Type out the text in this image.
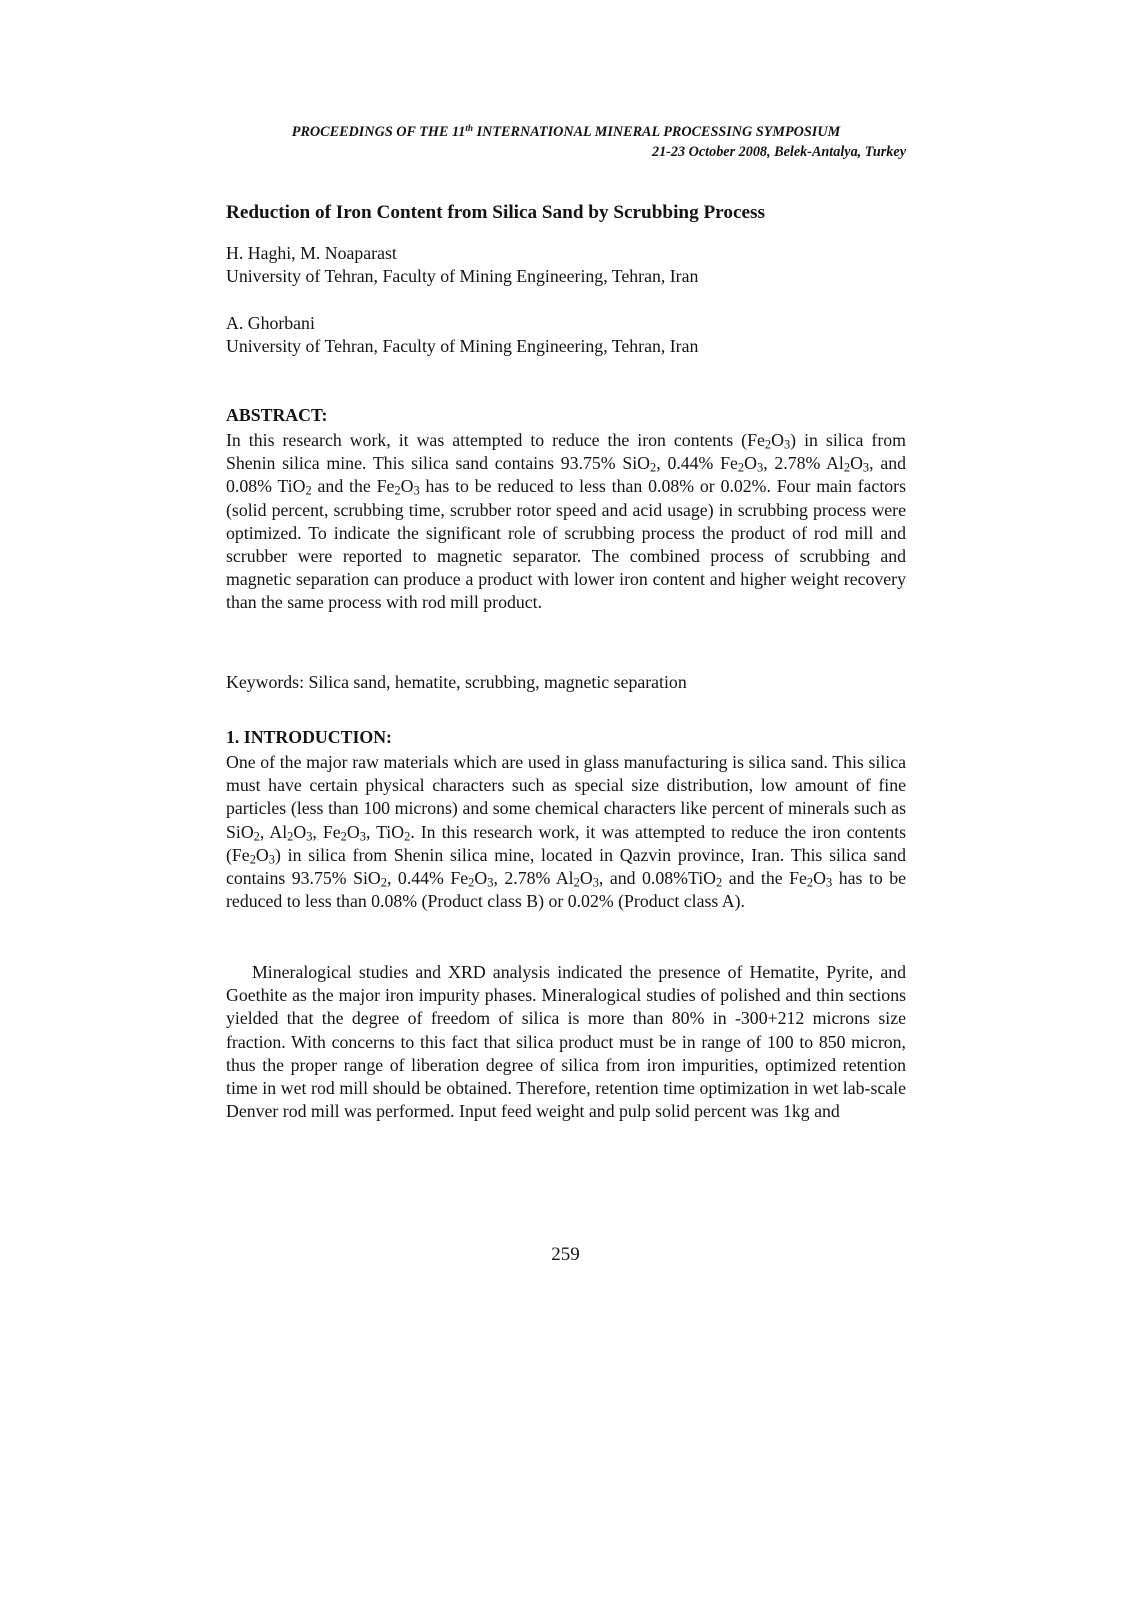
PROCEEDINGS OF THE 11th INTERNATIONAL MINERAL PROCESSING SYMPOSIUM
21-23 October 2008, Belek-Antalya, Turkey
Reduction of Iron Content from Silica Sand by Scrubbing Process
H. Haghi, M. Noaparast
University of Tehran, Faculty of Mining Engineering, Tehran, Iran
A. Ghorbani
University of Tehran, Faculty of Mining Engineering, Tehran, Iran
ABSTRACT:

In this research work, it was attempted to reduce the iron contents $(Fe_2O_3)$ in silica from Shenin silica mine. This silica sand contains 93.75% SiO$_2$, 0.44% $Fe_2O_3$, 2.78% $Al_2O_3$, and 0.08% TiO$_2$ and the $Fe_2O_3$ has to be reduced to less than 0.08% or 0.02%. Four main factors (solid percent, scrubbing time, scrubber rotor speed and acid usage) in scrubbing process were optimized. To indicate the significant role of scrubbing process the product of rod mill and scrubber were reported to magnetic separator. The combined process of scrubbing and magnetic separation can produce a product with lower iron content and higher weight recovery than the same process with rod mill product.

Keywords: Silica sand, hematite, scrubbing, magnetic separation

1. INTRODUCTION:

One of the major raw materials which are used in glass manufacturing is silica sand. This silica must have certain physical characters such as special size distribution, low amount of fine particles (less than 100 microns) and some chemical characters like percent of minerals such as SiO$_2$, $Al_2O_3$, $Fe_2O_3$, TiO$_2$. In this research work, it was attempted to reduce the iron contents $(Fe_2O_3)$ in silica from Shenin silica mine, located in Qazvin province, Iran. This silica sand contains 93.75% SiO$_2$, 0.44% $Fe_2O_3$, 2.78% $Al_2O_3$, and 0.08%TiO$_2$ and the $Fe_2O_3$ has to be reduced to less than 0.08% (Product class B) or 0.02% (Product class A).

Mineralogical studies and XRD analysis indicated the presence of Hematite, Pyrite, and Goethite as the major iron impurity phases. Mineralogical studies of polished and thin sections yielded that the degree of freedom of silica is more than 80% in -300+212 microns size fraction. With concerns to this fact that silica product must be in range of 100 to 850 micron, thus the proper range of liberation degree of silica from iron impurities, optimized retention time in wet rod mill should be obtained. Therefore, retention time optimization in wet lab-scale Denver rod mill was performed. Input feed weight and pulp solid percent was 1kg and

259
